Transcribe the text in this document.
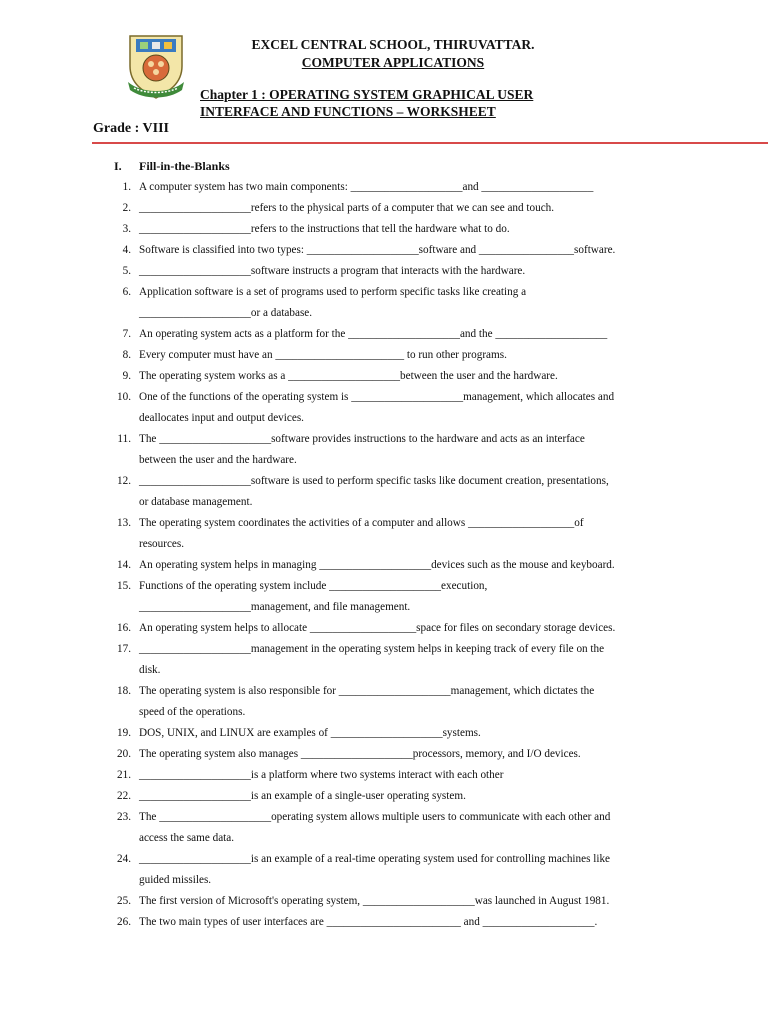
EXCEL CENTRAL SCHOOL, THIRUVATTAR.
COMPUTER APPLICATIONS
Chapter 1 : OPERATING SYSTEM GRAPHICAL USER
INTERFACE AND FUNCTIONS – WORKSHEET
Grade : VIII
I. Fill-in-the-Blanks
1. A computer system has two main components: ____________________and ____________________
2. ____________________refers to the physical parts of a computer that we can see and touch.
3. ____________________refers to the instructions that tell the hardware what to do.
4. Software is classified into two types: ____________________software and _________________software.
5. ____________________software instructs a program that interacts with the hardware.
6. Application software is a set of programs used to perform specific tasks like creating a
____________________or a database.
7. An operating system acts as a platform for the ____________________and the ____________________
8. Every computer must have an _______________________ to run other programs.
9. The operating system works as a ____________________between the user and the hardware.
10. One of the functions of the operating system is ____________________management, which allocates and
deallocates input and output devices.
11. The ____________________software provides instructions to the hardware and acts as an interface
between the user and the hardware.
12. ____________________software is used to perform specific tasks like document creation, presentations,
or database management.
13. The operating system coordinates the activities of a computer and allows ___________________of
resources.
14. An operating system helps in managing ____________________devices such as the mouse and keyboard.
15. Functions of the operating system include ____________________execution,
____________________management, and file management.
16. An operating system helps to allocate ___________________space for files on secondary storage devices.
17. ____________________management in the operating system helps in keeping track of every file on the
disk.
18. The operating system is also responsible for ____________________management, which dictates the
speed of the operations.
19. DOS, UNIX, and LINUX are examples of ____________________systems.
20. The operating system also manages ____________________processors, memory, and I/O devices.
21. ____________________is a platform where two systems interact with each other
22. ____________________is an example of a single-user operating system.
23. The ____________________operating system allows multiple users to communicate with each other and
access the same data.
24. ____________________is an example of a real-time operating system used for controlling machines like
guided missiles.
25. The first version of Microsoft's operating system, ____________________was launched in August 1981.
26. The two main types of user interfaces are ________________________ and ____________________.
